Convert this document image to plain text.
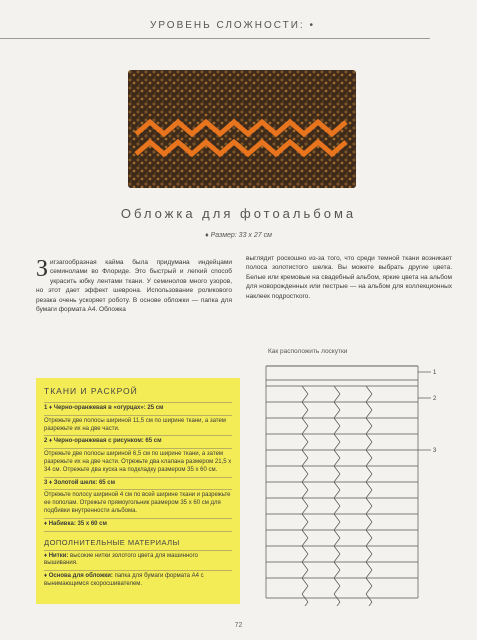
УРОВЕНЬ СЛОЖНОСТИ: •
Обложка для фотоальбома
♦ Размер: 33 х 27 см
З игзагообразная кайма была придумана индейцами семинолами во Флориде. Это быстрый и легкий способ украсить юбку лентами ткани. У семинолов много узоров, но этот дает эффект шеврона. Использование роликового резака очень ускоряет роботу. В основе обложки — папка для бумаги формата А4. Обложка
выглядит роскошно из-за того, что среди темной ткани возникает полоса золотистого шелка. Вы можете выбрать другие цвета. Белые или кремовые на свадебный альбом, яркие цвета на альбом для новорожденных или пестрые — на альбом для коллекционных наклеек подросткого.
ТКАНИ И РАСКРОЙ
1 ♦ Черно-оранжевая в «огурцах»: 25 см
Отрежьте две полосы шириной 11,5 см по ширине ткани, а затем разрежьте их на две части.
2 ♦ Черно-оранжевая с рисунком: 65 см
Отрежьте две полосы шириной 6,5 см по ширине ткани, а затем разрежьте их на две части. Отрежьте два клапана размером 21,5 х 34 см. Отрежьте два куска на подкладку размером 35 х 60 см.
3 ♦ Золотой шелк: 65 см
Отрежьте полосу шириной 4 см по всей ширине ткани и разрежьте ее пополам. Отрежьте прямоугольник размером 35 х 60 см для подбивки внутренности альбома.
♦ Набивка: 35 х 60 см
ДОПОЛНИТЕЛЬНЫЕ МАТЕРИАЛЫ
♦ Нитки: высокие нитки золотого цвета для машинного вышивания.
♦ Основа для обложки: папка для бумаги формата А4 с вынимающимся скоросшивателем.
Как расположить лоскутки
1
2
3
72
